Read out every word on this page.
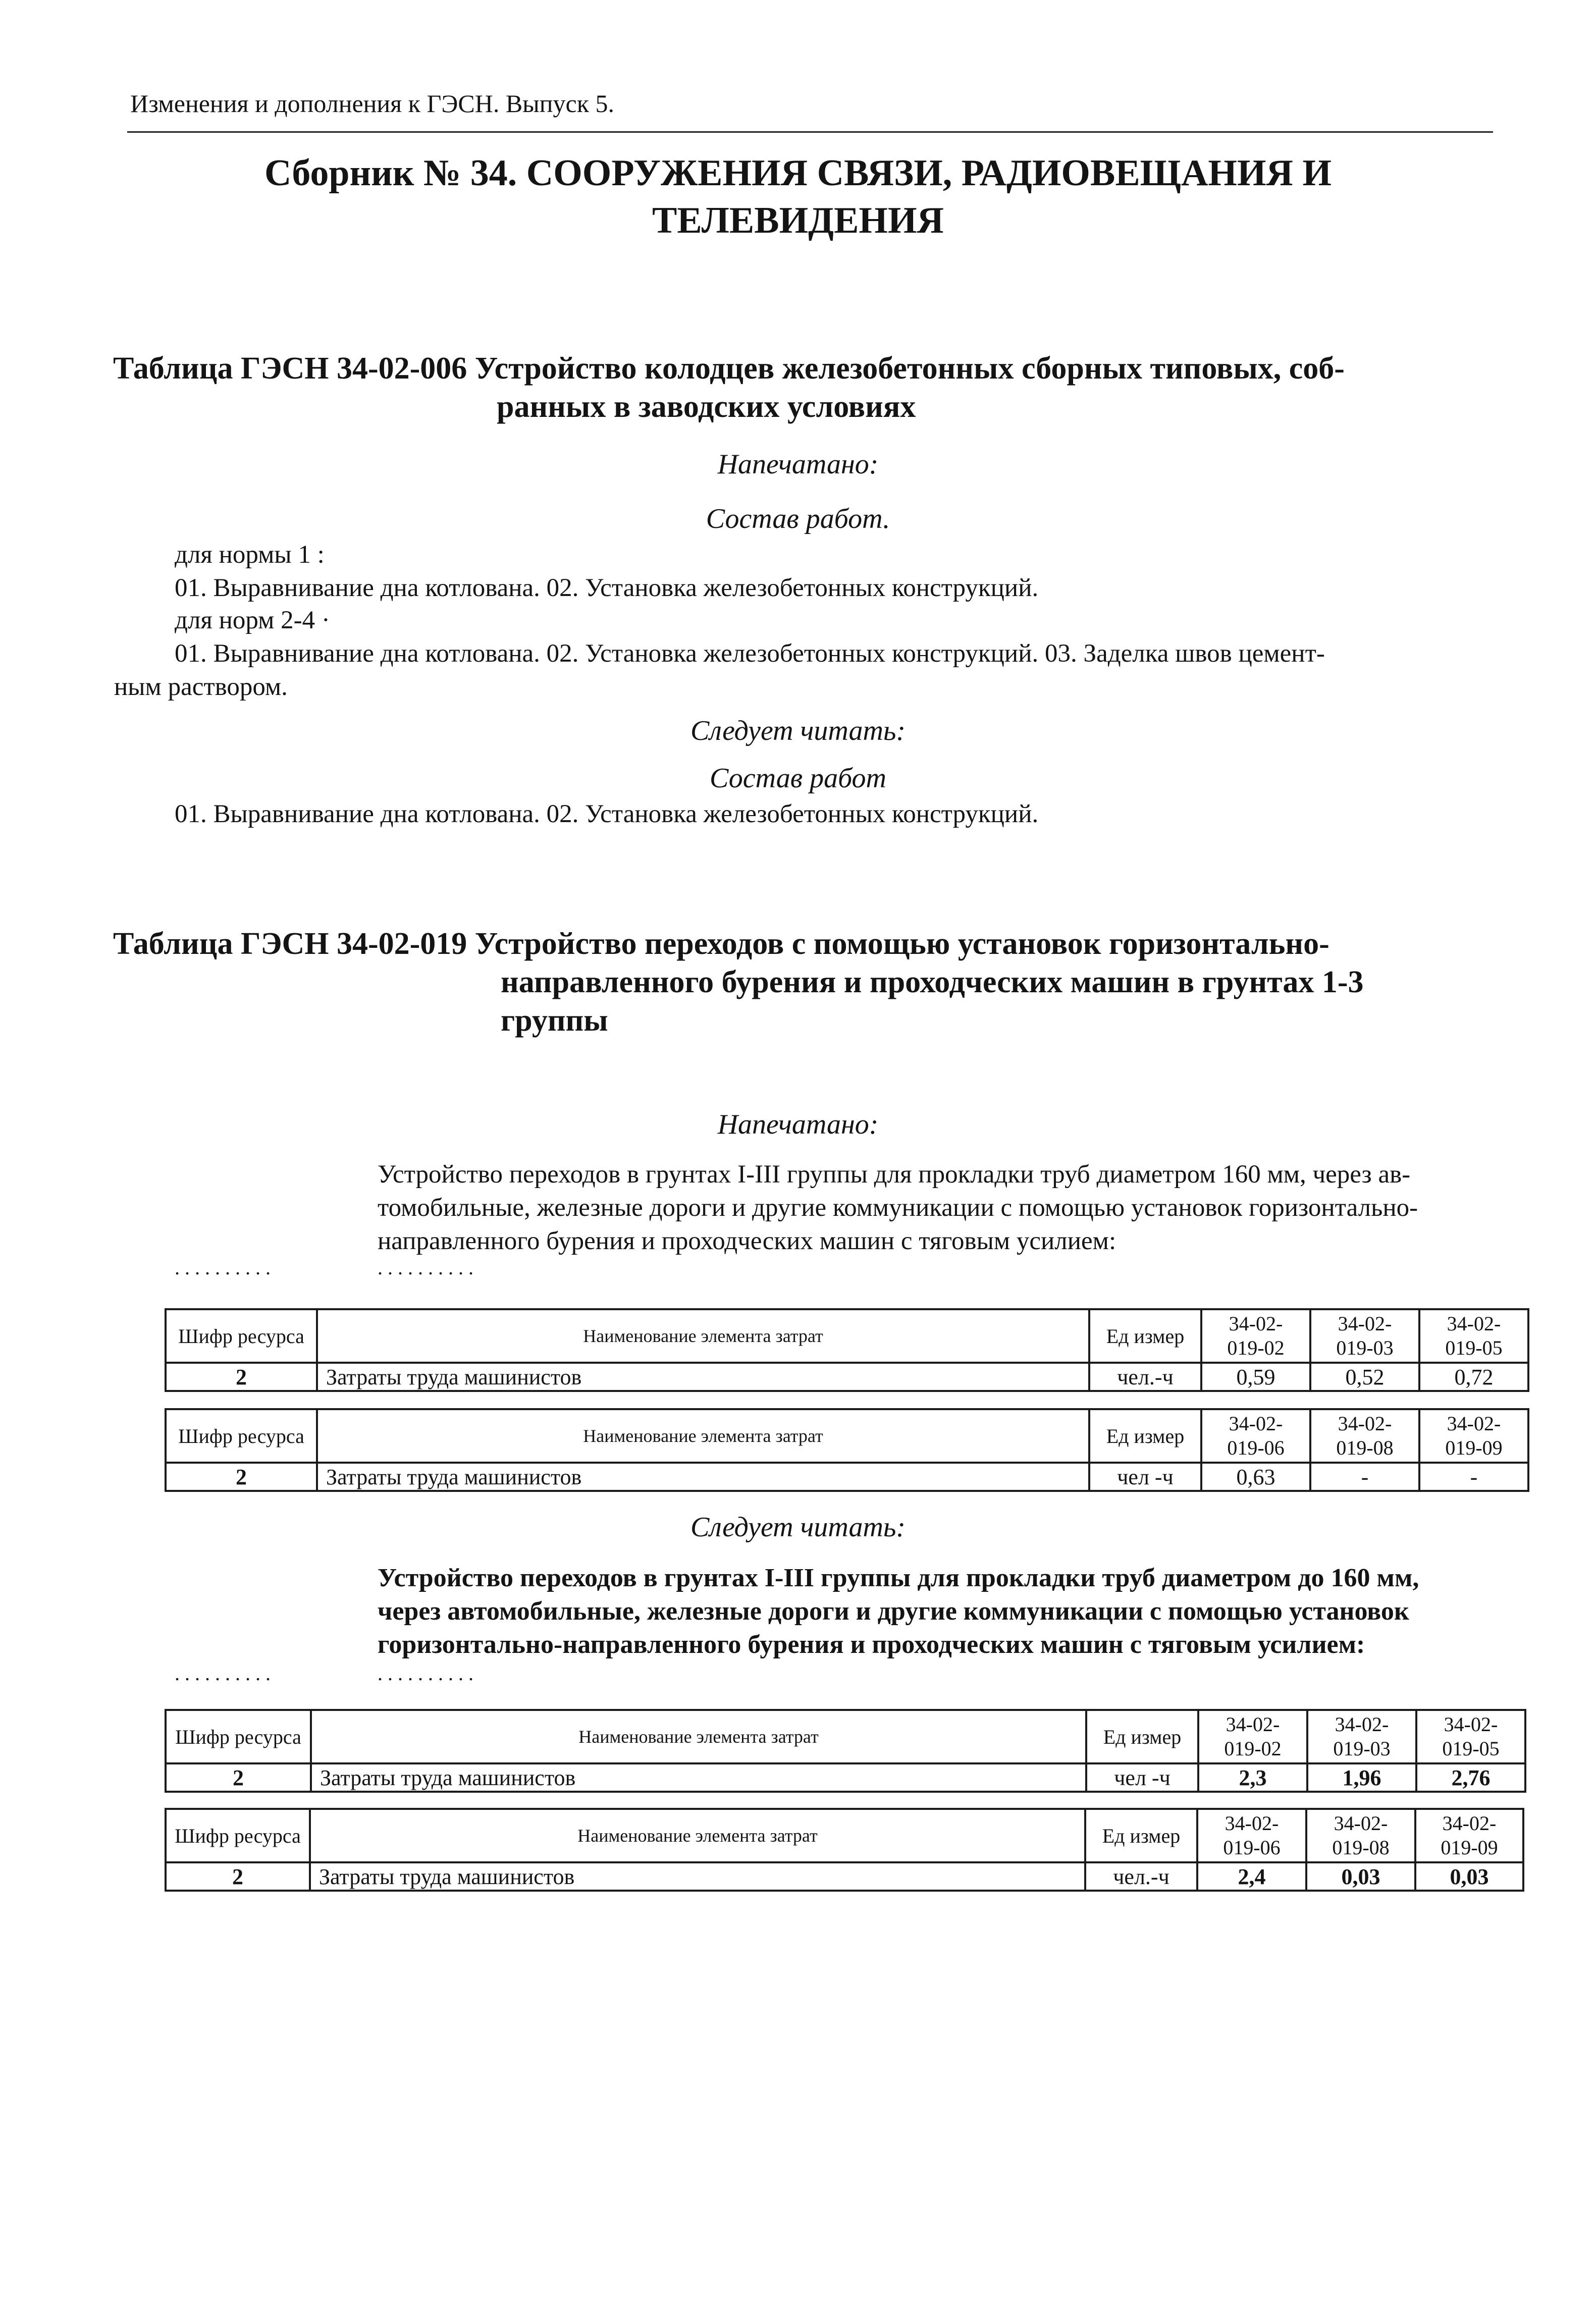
Изменения и дополнения к ГЭСН. Выпуск 5.
Сборник № 34. СООРУЖЕНИЯ СВЯЗИ, РАДИОВЕЩАНИЯ И
ТЕЛЕВИДЕНИЯ
Таблица ГЭСН 34-02-006 Устройство колодцев железобетонных сборных типовых, соб-
ранных в заводских условиях
Напечатано:
Состав работ.
для нормы 1 :
01. Выравнивание дна котлована. 02. Установка железобетонных конструкций.
для норм 2-4 ·
01. Выравнивание дна котлована. 02. Установка железобетонных конструкций. 03. Заделка швов цемент-
ным раствором.
Следует читать:
Состав работ
01. Выравнивание дна котлована. 02. Установка железобетонных конструкций.
Таблица ГЭСН 34-02-019 Устройство переходов с помощью установок горизонтально-
направленного бурения и проходческих машин в грунтах 1-3
группы
Напечатано:
Устройство переходов в грунтах I-III группы для прокладки труб диаметром 160 мм, через ав-
томобильные, железные дороги и другие коммуникации с помощью установок горизонтально-
направленного бурения и проходческих машин с тяговым усилием:
..........	..........
Шифр ресурса	Наименование элемента затрат	Ед измер	34-02-
019-02	34-02-
019-03	34-02-
019-05
2	Затраты труда машинистов	чел.-ч	0,59	0,52	0,72
Шифр ресурса	Наименование элемента затрат	Ед измер	34-02-
019-06	34-02-
019-08	34-02-
019-09
2	Затраты труда машинистов	чел -ч	0,63	-	-
Следует читать:
Устройство переходов в грунтах I-III группы для прокладки труб диаметром до 160 мм,
через автомобильные, железные дороги и другие коммуникации с помощью установок
горизонтально-направленного бурения и проходческих машин с тяговым усилием:
..........	..........
Шифр ресурса	Наименование элемента затрат	Ед измер	34-02-
019-02	34-02-
019-03	34-02-
019-05
2	Затраты труда машинистов	чел -ч	2,3	1,96	2,76
Шифр ресурса	Наименование элемента затрат	Ед измер	34-02-
019-06	34-02-
019-08	34-02-
019-09
2	Затраты труда машинистов	чел.-ч	2,4	0,03	0,03
